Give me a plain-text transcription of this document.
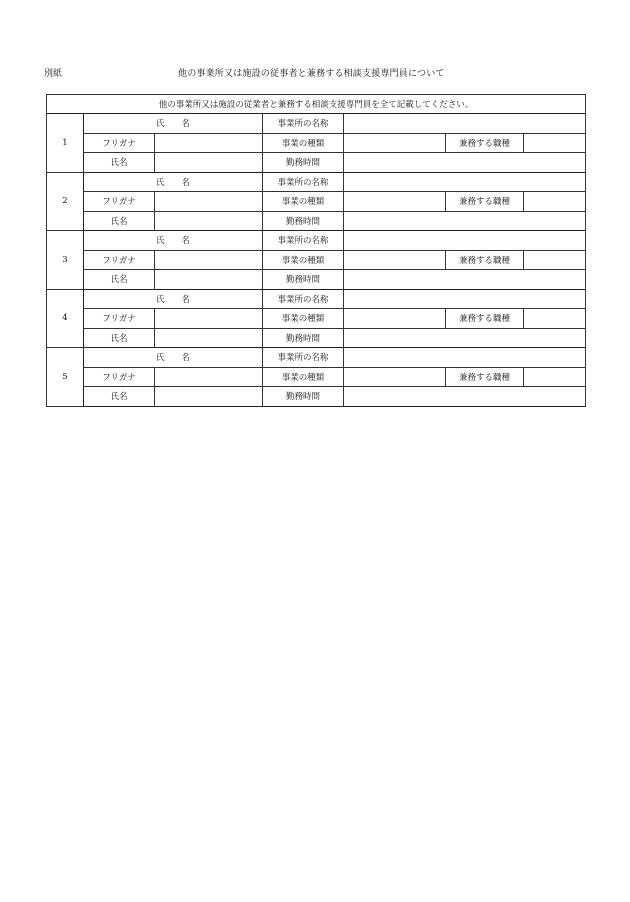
別紙	他の事業所又は施設の従事者と兼務する相談支援専門員について
他の事業所又は施設の従業者と兼務する相談支援専門員を全て記載してください。						
1	氏　　名		事業所の名称			
	フリガナ		事業の種類		兼務する職種	
	氏名		勤務時間			
2	氏　　名		事業所の名称			
	フリガナ		事業の種類		兼務する職種	
	氏名		勤務時間			
3	氏　　名		事業所の名称			
	フリガナ		事業の種類		兼務する職種	
	氏名		勤務時間			
4	氏　　名		事業所の名称			
	フリガナ		事業の種類		兼務する職種	
	氏名		勤務時間			
5	氏　　名		事業所の名称			
	フリガナ		事業の種類		兼務する職種	
	氏名		勤務時間			
